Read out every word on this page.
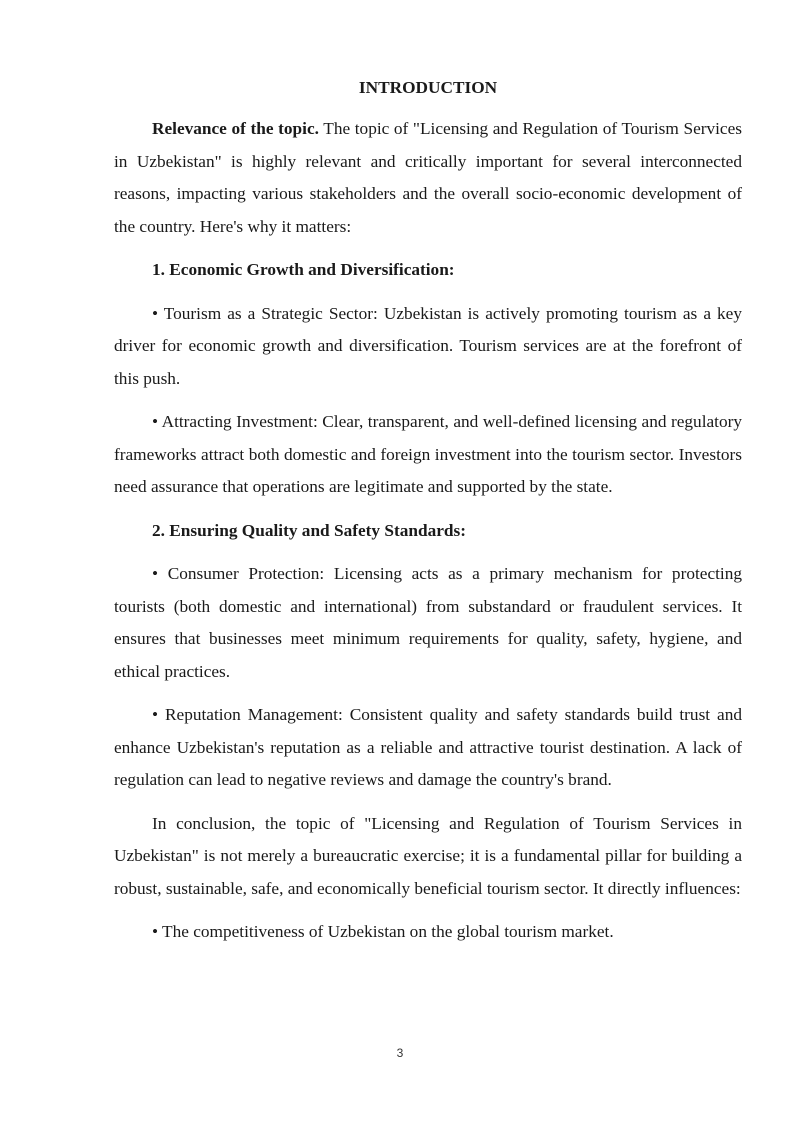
INTRODUCTION

Relevance of the topic. The topic of "Licensing and Regulation of Tourism Services in Uzbekistan" is highly relevant and critically important for several interconnected reasons, impacting various stakeholders and the overall socio-economic development of the country. Here's why it matters:

1. Economic Growth and Diversification:

• Tourism as a Strategic Sector: Uzbekistan is actively promoting tourism as a key driver for economic growth and diversification. Tourism services are at the forefront of this push.

• Attracting Investment: Clear, transparent, and well-defined licensing and regulatory frameworks attract both domestic and foreign investment into the tourism sector. Investors need assurance that operations are legitimate and supported by the state.

2. Ensuring Quality and Safety Standards:

• Consumer Protection: Licensing acts as a primary mechanism for protecting tourists (both domestic and international) from substandard or fraudulent services. It ensures that businesses meet minimum requirements for quality, safety, hygiene, and ethical practices.

• Reputation Management: Consistent quality and safety standards build trust and enhance Uzbekistan's reputation as a reliable and attractive tourist destination. A lack of regulation can lead to negative reviews and damage the country's brand.

In conclusion, the topic of "Licensing and Regulation of Tourism Services in Uzbekistan" is not merely a bureaucratic exercise; it is a fundamental pillar for building a robust, sustainable, safe, and economically beneficial tourism sector. It directly influences:

• The competitiveness of Uzbekistan on the global tourism market.

3
